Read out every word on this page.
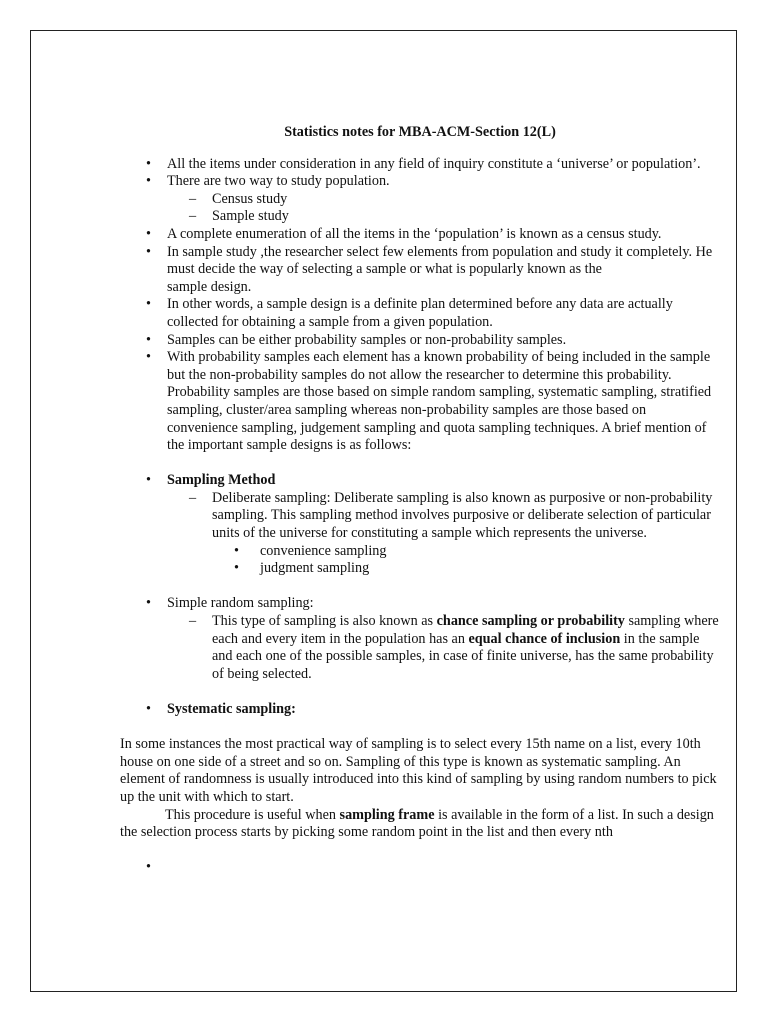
Statistics notes for MBA-ACM-Section 12(L)
• All the items under consideration in any field of inquiry constitute a ‘universe’ or population’.
• There are two way to study population.
– Census study
– Sample study
• A complete enumeration of all the items in the ‘population’ is known as a census study.
• In sample study ,the researcher select few elements from population and study it completely. He must decide the way of selecting a sample or what is popularly known as the
sample design.
• In other words, a sample design is a definite plan determined before any data are actually collected for obtaining a sample from a given population.
• Samples can be either probability samples or non-probability samples.
• With probability samples each element has a known probability of being included in the sample but the non-probability samples do not allow the researcher to determine this probability. Probability samples are those based on simple random sampling, systematic sampling, stratified sampling, cluster/area sampling whereas non-probability samples are those based on convenience sampling, judgement sampling and quota sampling techniques. A brief mention of the important sample designs is as follows:
• Sampling Method
– Deliberate sampling: Deliberate sampling is also known as purposive or non-probability sampling. This sampling method involves purposive or deliberate selection of particular units of the universe for constituting a sample which represents the universe.
• convenience sampling
• judgment sampling
• Simple random sampling:
– This type of sampling is also known as chance sampling or probability sampling where each and every item in the population has an equal chance of inclusion in the sample and each one of the possible samples, in case of finite universe, has the same probability of being selected.
• Systematic sampling:
In some instances the most practical way of sampling is to select every 15th name on a list, every 10th house on one side of a street and so on. Sampling of this type is known as systematic sampling. An element of randomness is usually introduced into this kind of sampling by using random numbers to pick up the unit with which to start.
This procedure is useful when sampling frame is available in the form of a list. In such a design the selection process starts by picking some random point in the list and then every nth
•
